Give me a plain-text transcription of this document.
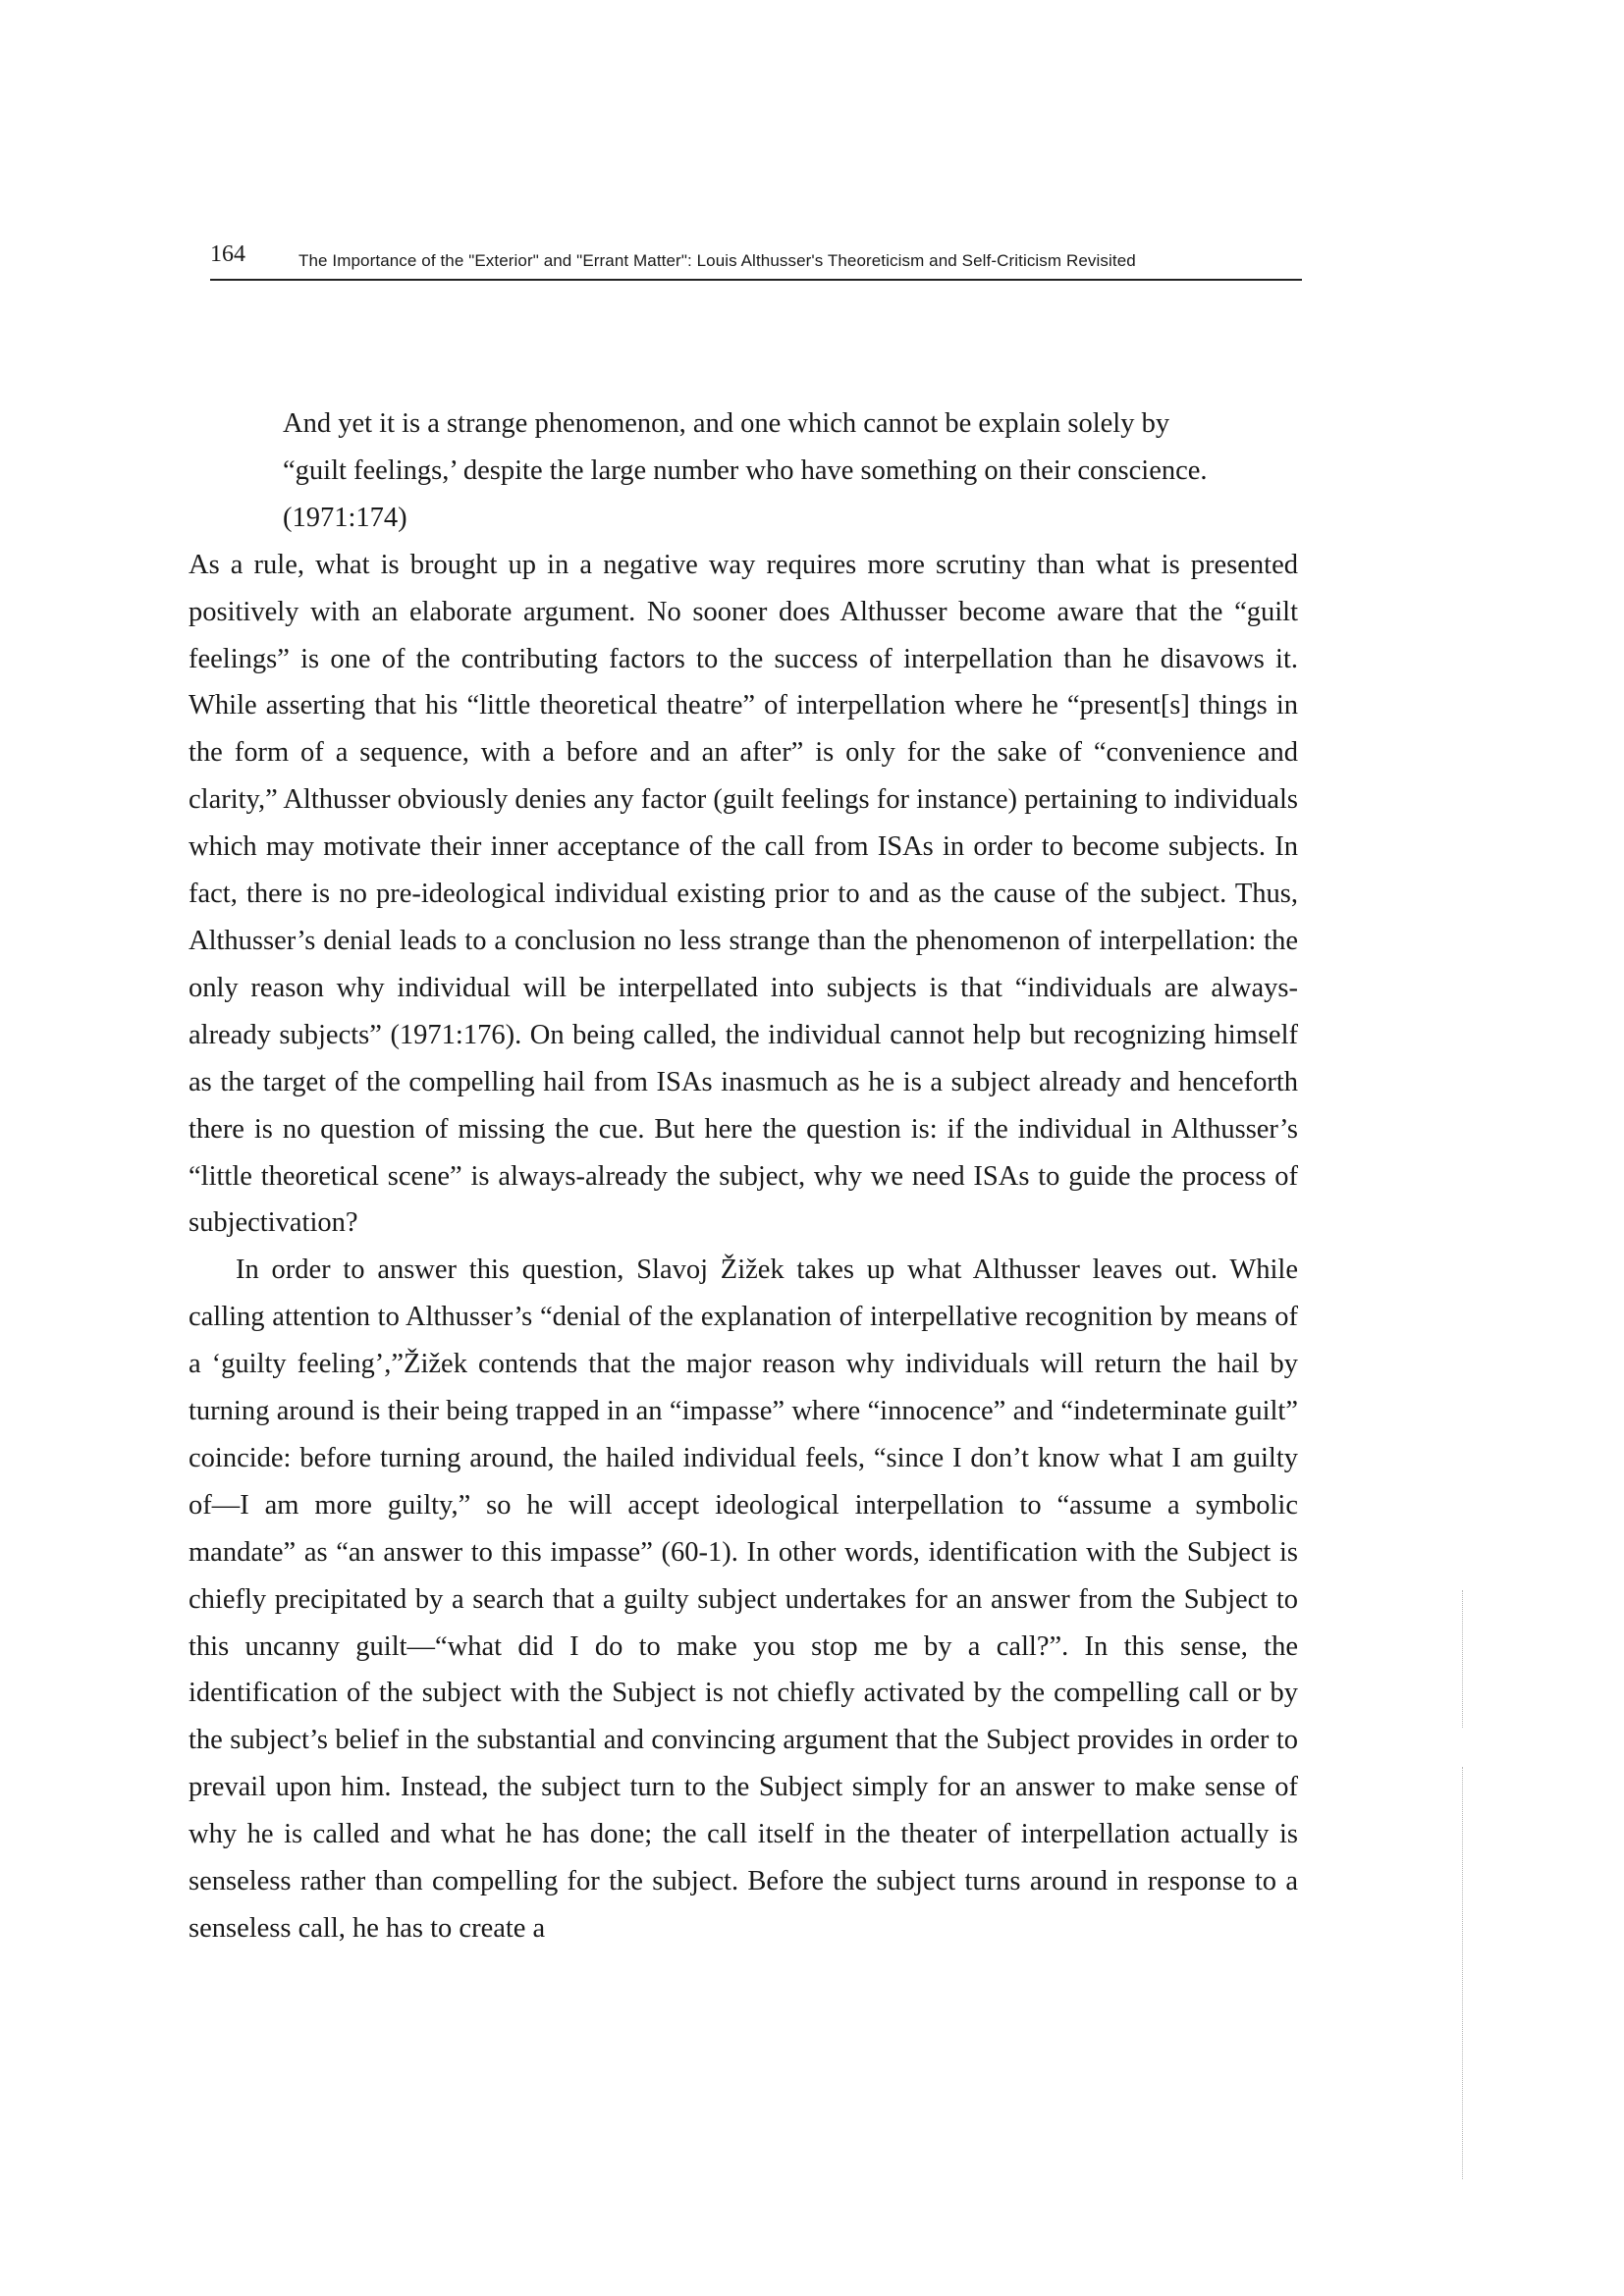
164	The Importance of the "Exterior" and "Errant Matter": Louis Althusser's Theoreticism and Self-Criticism Revisited

And yet it is a strange phenomenon, and one which cannot be explain solely by “guilt feelings,’ despite the large number who have something on their conscience. (1971:174)

As a rule, what is brought up in a negative way requires more scrutiny than what is presented positively with an elaborate argument. No sooner does Althusser become aware that the “guilt feelings” is one of the contributing factors to the success of interpellation than he disavows it. While asserting that his “little theoretical theatre” of interpellation where he “present[s] things in the form of a sequence, with a before and an after” is only for the sake of “convenience and clarity,” Althusser obviously denies any factor (guilt feelings for instance) pertaining to individuals which may motivate their inner acceptance of the call from ISAs in order to become subjects. In fact, there is no pre-ideological individual existing prior to and as the cause of the subject. Thus, Althusser’s denial leads to a conclusion no less strange than the phenomenon of interpellation: the only reason why individual will be interpellated into subjects is that “individuals are always-already subjects” (1971:176). On being called, the individual cannot help but recognizing himself as the target of the compelling hail from ISAs inasmuch as he is a subject already and henceforth there is no question of missing the cue. But here the question is: if the individual in Althusser’s “little theoretical scene” is always-already the subject, why we need ISAs to guide the process of subjectivation?

In order to answer this question, Slavoj Žižek takes up what Althusser leaves out. While calling attention to Althusser’s “denial of the explanation of interpellative recognition by means of a ‘guilty feeling’,”Žižek contends that the major reason why individuals will return the hail by turning around is their being trapped in an “impasse” where “innocence” and “indeterminate guilt” coincide: before turning around, the hailed individual feels, “since I don’t know what I am guilty of—I am more guilty,” so he will accept ideological interpellation to “assume a symbolic mandate” as “an answer to this impasse” (60-1). In other words, identification with the Subject is chiefly precipitated by a search that a guilty subject undertakes for an answer from the Subject to this uncanny guilt—“what did I do to make you stop me by a call?”. In this sense, the identification of the subject with the Subject is not chiefly activated by the compelling call or by the subject’s belief in the substantial and convincing argument that the Subject provides in order to prevail upon him. Instead, the subject turn to the Subject simply for an answer to make sense of why he is called and what he has done; the call itself in the theater of interpellation actually is senseless rather than compelling for the subject. Before the subject turns around in response to a senseless call, he has to create a
